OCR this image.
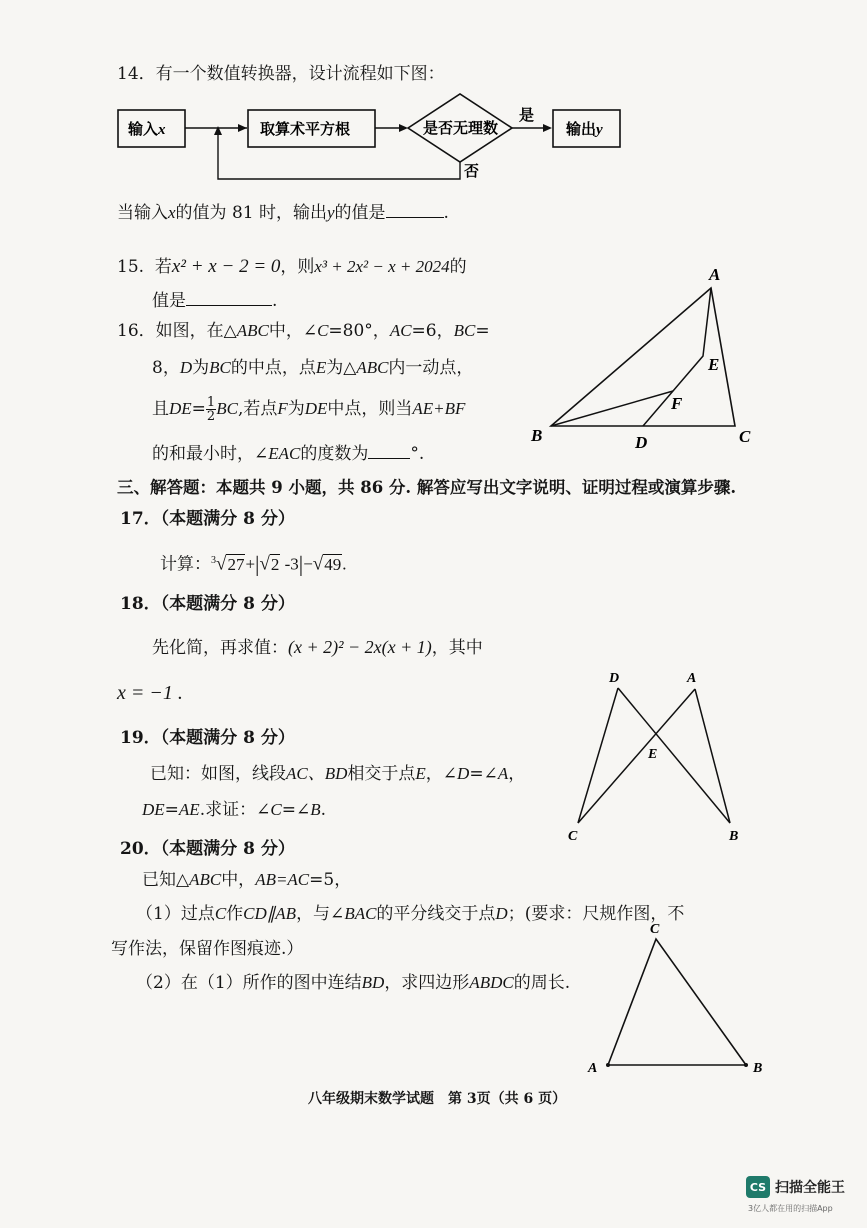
14．有一个数值转换器，设计流程如下图：
输入x	取算术平方根	是否无理数
是
输出y
否
当输入x的值为 81 时，输出y的值是	.
15. 若x² + x − 2 = 0，则x³ + 2x² − x + 2024的
值是	.
16．如图，在△ABC中，∠C=80°，AC=6，BC=
8，D为BC的中点，点E为△ABC内一动点，
且$DE= \frac{1}{2}$ BC,若点F为DE中点，则当AE+BF
的和最小时，∠EAC的度数为 °.
A
B	C
D
E
F
三、解答题：本题共 9 小题，共 86 分. 解答应写出文字说明、证明过程或演算步骤.
17．（本题满分 8 分）
计算：$^3$√27+|√2 -3|−√49.
18．（本题满分 8 分）
先化简，再求值：(x + 2)² − 2x(x + 1)，其中
x = −1 .
19．（本题满分 8 分）
已知：如图，线段AC、BD相交于点E，∠D=∠A，
DE=AE.求证：∠C=∠B.
D	A
E
C	B
20．（本题满分 8 分）
已知△ABC中，AB=AC=5，
（1）过点C作CD∥AB，与∠BAC的平分线交于点D；(要求：尺规作图，不
写作法，保留作图痕迹.）
（2）在（1）所作的图中连结BD，求四边形ABDC的周长.
C
A	B
八年级期末数学试题　第 3页（共 6 页）
CS 扫描全能王
3亿人都在用的扫描App
